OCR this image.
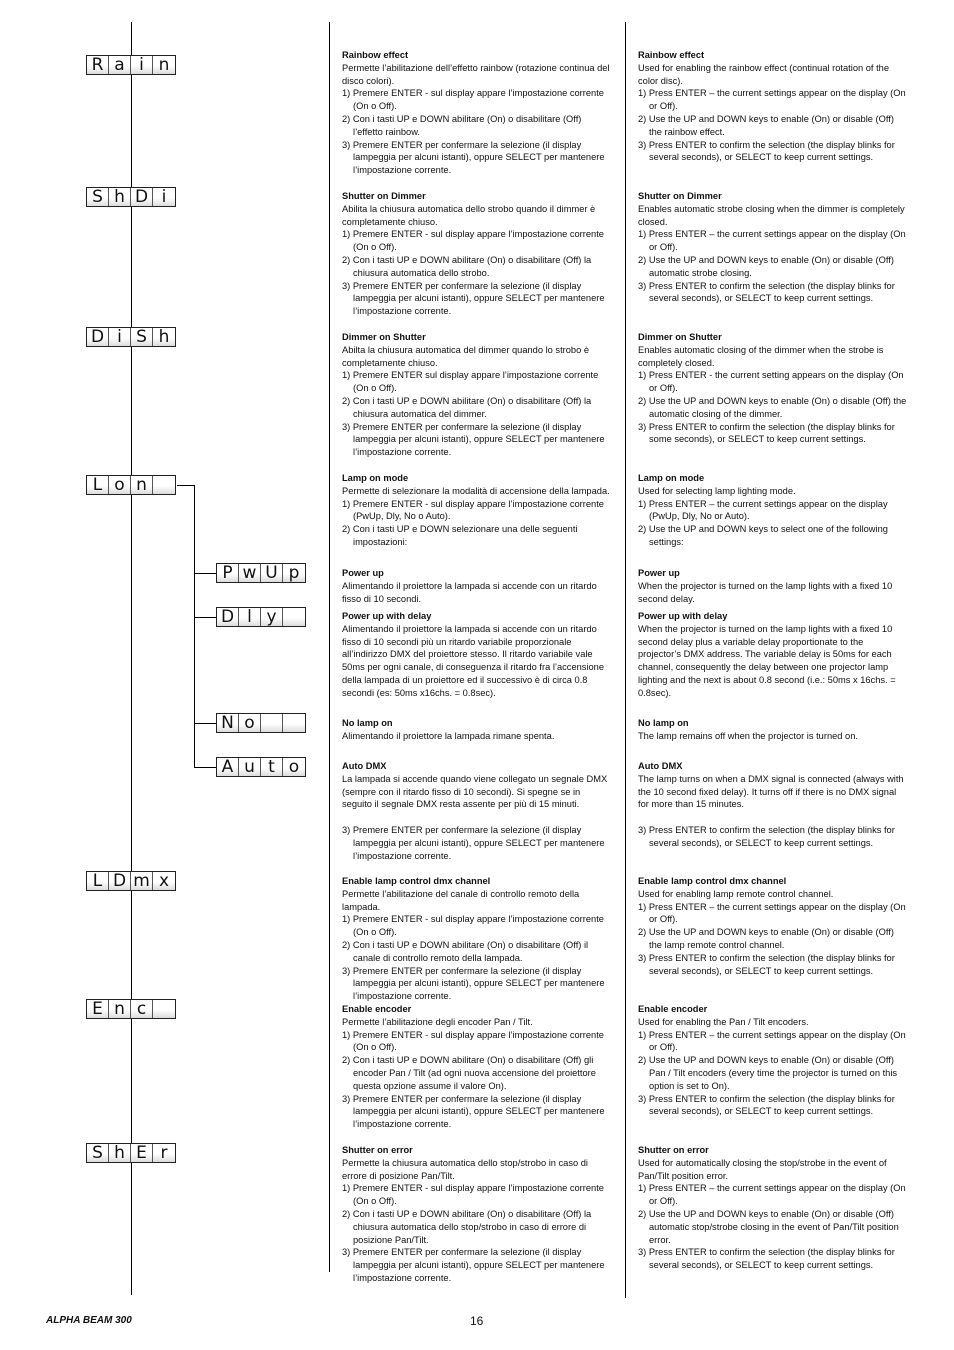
R a i n
S h D i
D i S h
L o n
P w U p
D l y
N o
A u t o
L D m x
E n c
S h E r
Rainbow effect

Permette l’abilitazione dell’effetto rainbow (rotazione continua del disco colori).

1) Premere ENTER - sul display appare l’impostazione corrente (On o Off).
2) Con i tasti UP e DOWN abilitare (On) o disabilitare (Off) l’effetto rainbow.
3) Premere ENTER per confermare la selezione (il display lampeggia per alcuni istanti), oppure SELECT per mantenere l’impostazione corrente.
Shutter on Dimmer

Abilita la chiusura automatica dello strobo quando il dimmer è completamente chiuso.

1) Premere ENTER - sul display appare l’impostazione corrente (On o Off).
2) Con i tasti UP e DOWN abilitare (On) o disabilitare (Off) la chiusura automatica dello strobo.
3) Premere ENTER per confermare la selezione (il display lampeggia per alcuni istanti), oppure SELECT per mantenere l’impostazione corrente.
Dimmer on Shutter

Abilta la chiusura automatica del dimmer quando lo strobo è completamente chiuso.

1) Premere ENTER sul display appare l’impostazione corrente (On o Off).
2) Con i tasti UP e DOWN abilitare (On) o disabilitare (Off) la chiusura automatica del dimmer.
3) Premere ENTER per confermare la selezione (il display lampeggia per alcuni istanti), oppure SELECT per mantenere l’impostazione corrente.
Lamp on mode

Permette di selezionare la modalità di accensione della lampada.

1) Premere ENTER - sul display appare l’impostazione corrente (PwUp, Dly, No o Auto).
2) Con i tasti UP e DOWN selezionare una delle seguenti impostazioni:
Power up

Alimentando il proiettore la lampada si accende con un ritardo fisso di 10 secondi.

Power up with delay

Alimentando il proiettore la lampada si accende con un ritardo fisso di 10 secondi più un ritardo variabile proporzionale all’indirizzo DMX del proiettore stesso. Il ritardo variabile vale 50ms per ogni canale, di conseguenza il ritardo fra l’accensione della lampada di un proiettore ed il successivo è di circa 0.8 secondi (es: 50ms x16chs. = 0.8sec).

No lamp on

Alimentando il proiettore la lampada rimane spenta.

Auto DMX

La lampada si accende quando viene collegato un segnale DMX (sempre con il ritardo fisso di 10 secondi). Si spegne se in seguito il segnale DMX resta assente per più di 15 minuti.

3) Premere ENTER per confermare la selezione (il display lampeggia per alcuni istanti), oppure SELECT per mantenere l’impostazione corrente.
Enable lamp control dmx channel

Permette l’abilitazione del canale di controllo remoto della lampada.

1) Premere ENTER - sul display appare l’impostazione corrente (On o Off).
2) Con i tasti UP e DOWN abilitare (On) o disabilitare (Off) il canale di controllo remoto della lampada.
3) Premere ENTER per confermare la selezione (il display lampeggia per alcuni istanti), oppure SELECT per mantenere l’impostazione corrente.
Enable encoder

Permette l’abilitazione degli encoder Pan / Tilt.

1) Premere ENTER - sul display appare l’impostazione corrente (On o Off).
2) Con i tasti UP e DOWN abilitare (On) o disabilitare (Off) gli encoder Pan / Tilt (ad ogni nuova accensione del proiettore questa opzione assume il valore On).
3) Premere ENTER per confermare la selezione (il display lampeggia per alcuni istanti), oppure SELECT per mantenere l’impostazione corrente.
Shutter on error

Permette la chiusura automatica dello stop/strobo in caso di errore di posizione Pan/Tilt.

1) Premere ENTER - sul display appare l’impostazione corrente (On o Off).
2) Con i tasti UP e DOWN abilitare (On) o disabilitare (Off) la chiusura automatica dello stop/strobo in caso di errore di posizione Pan/Tilt.
3) Premere ENTER per confermare la selezione (il display lampeggia per alcuni istanti), oppure SELECT per mantenere l’impostazione corrente.
Rainbow effect

Used for enabling the rainbow effect (continual rotation of the color disc).

1) Press ENTER – the current settings appear on the display (On or Off).
2) Use the UP and DOWN keys to enable (On) or disable (Off) the rainbow effect.
3) Press ENTER to confirm the selection (the display blinks for several seconds), or SELECT to keep current settings.
Shutter on Dimmer

Enables automatic strobe closing when the dimmer is completely closed.

1) Press ENTER – the current settings appear on the display (On or Off).
2) Use the UP and DOWN keys to enable (On) or disable (Off) automatic strobe closing.
3) Press ENTER to confirm the selection (the display blinks for several seconds), or SELECT to keep current settings.
Dimmer on Shutter

Enables automatic closing of the dimmer when the strobe is completely closed.

1) Press ENTER - the current setting appears on the display (On or Off).
2) Use the UP and DOWN keys to enable (On) o disable (Off) the automatic closing of the dimmer.
3) Press ENTER to confirm the selection (the display blinks for some seconds), or SELECT to keep current settings.
Lamp on mode

Used for selecting lamp lighting mode.

1) Press ENTER – the current settings appear on the display (PwUp, Dly, No or Auto).
2) Use the UP and DOWN keys to select one of the following settings:
Power up

When the projector is turned on the lamp lights with a fixed 10 second delay.

Power up with delay

When the projector is turned on the lamp lights with a fixed 10 second delay plus a variable delay proportionate to the projector’s DMX address. The variable delay is 50ms for each channel, consequently the delay between one projector lamp lighting and the next is about 0.8 second (i.e.: 50ms x 16chs. = 0.8sec).

No lamp on

The lamp remains off when the projector is turned on.

Auto DMX

The lamp turns on when a DMX signal is connected (always with the 10 second fixed delay). It turns off if there is no DMX signal for more than 15 minutes.

3) Press ENTER to confirm the selection (the display blinks for several seconds), or SELECT to keep current settings.
Enable lamp control dmx channel

Used for enabling lamp remote control channel.

1) Press ENTER – the current settings appear on the display (On or Off).
2) Use the UP and DOWN keys to enable (On) or disable (Off) the lamp remote control channel.
3) Press ENTER to confirm the selection (the display blinks for several seconds), or SELECT to keep current settings.
Enable encoder

Used for enabling the Pan / Tilt encoders.

1) Press ENTER – the current settings appear on the display (On or Off).
2) Use the UP and DOWN keys to enable (On) or disable (Off) Pan / Tilt encoders (every time the projector is turned on this option is set to On).
3) Press ENTER to confirm the selection (the display blinks for several seconds), or SELECT to keep current settings.
Shutter on error

Used for automatically closing the stop/strobe in the event of Pan/Tilt position error.

1) Press ENTER – the current settings appear on the display (On or Off).
2) Use the UP and DOWN keys to enable (On) or disable (Off) automatic stop/strobe closing in the event of Pan/Tilt position error.
3) Press ENTER to confirm the selection (the display blinks for several seconds), or SELECT to keep current settings.
ALPHA BEAM 300	16
